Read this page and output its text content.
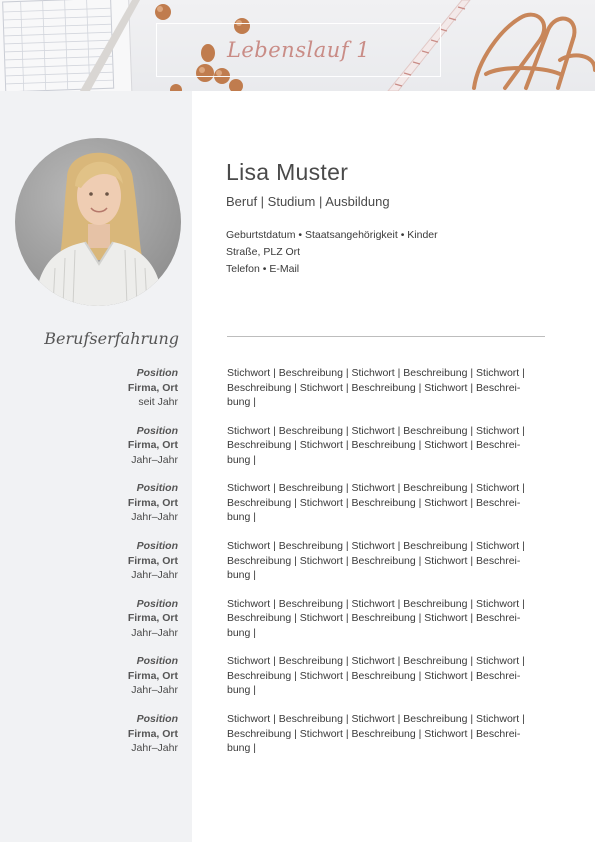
Lebenslauf 1
Berufserfahrung
Lisa Muster
Beruf | Studium | Ausbildung
Geburtstdatum • Staatsangehörigkeit • Kinder
Straße, PLZ Ort
Telefon • E-Mail
Position
Firma, Ort
seit Jahr
Stichwort | Beschreibung | Stichwort | Beschreibung | Stichwort |
Beschreibung | Stichwort | Beschreibung | Stichwort | Beschrei-
bung |
Position
Firma, Ort
Jahr–Jahr
Stichwort | Beschreibung | Stichwort | Beschreibung | Stichwort |
Beschreibung | Stichwort | Beschreibung | Stichwort | Beschrei-
bung |
Position
Firma, Ort
Jahr–Jahr
Stichwort | Beschreibung | Stichwort | Beschreibung | Stichwort |
Beschreibung | Stichwort | Beschreibung | Stichwort | Beschrei-
bung |
Position
Firma, Ort
Jahr–Jahr
Stichwort | Beschreibung | Stichwort | Beschreibung | Stichwort |
Beschreibung | Stichwort | Beschreibung | Stichwort | Beschrei-
bung |
Position
Firma, Ort
Jahr–Jahr
Stichwort | Beschreibung | Stichwort | Beschreibung | Stichwort |
Beschreibung | Stichwort | Beschreibung | Stichwort | Beschrei-
bung |
Position
Firma, Ort
Jahr–Jahr
Stichwort | Beschreibung | Stichwort | Beschreibung | Stichwort |
Beschreibung | Stichwort | Beschreibung | Stichwort | Beschrei-
bung |
Position
Firma, Ort
Jahr–Jahr
Stichwort | Beschreibung | Stichwort | Beschreibung | Stichwort |
Beschreibung | Stichwort | Beschreibung | Stichwort | Beschrei-
bung |
